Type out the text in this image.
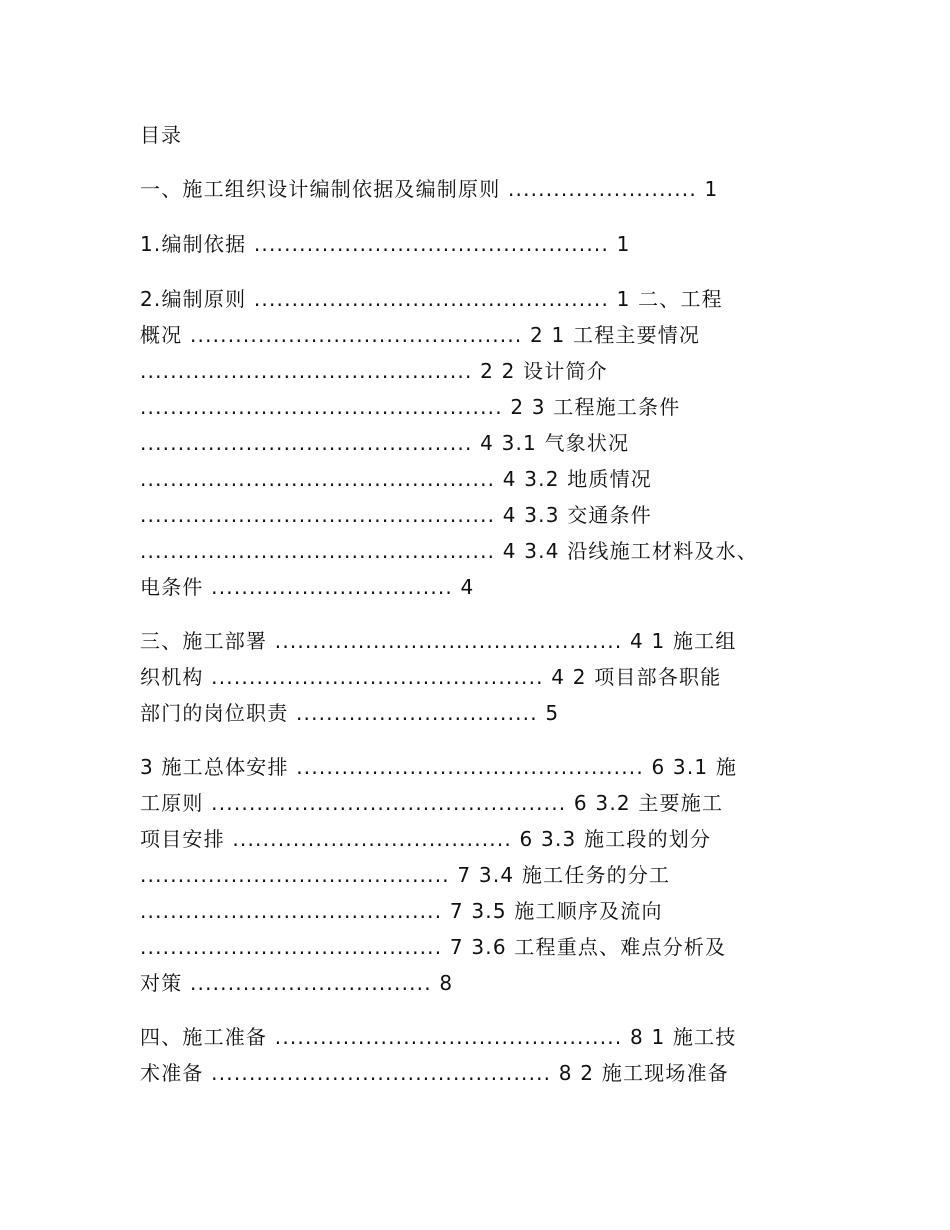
目录
一、施工组织设计编制依据及编制原则 ......................... 1
1.编制依据 ............................................... 1
2.编制原则 ............................................... 1 二、工程
概况 ............................................ 2 1 工程主要情况
............................................ 2 2 设计简介
................................................ 2 3 工程施工条件
............................................ 4 3.1 气象状况
............................................... 4 3.2 地质情况
............................................... 4 3.3 交通条件
............................................... 4 3.4 沿线施工材料及水、
电条件 ................................ 4
三、施工部署 .............................................. 4 1 施工组
织机构 ............................................ 4 2 项目部各职能
部门的岗位职责 ................................ 5
3 施工总体安排 .............................................. 6 3.1 施
工原则 ............................................... 6 3.2 主要施工
项目安排 ..................................... 6 3.3 施工段的划分
......................................... 7 3.4 施工任务的分工
........................................ 7 3.5 施工顺序及流向
........................................ 7 3.6 工程重点、难点分析及
对策 ................................ 8
四、施工准备 .............................................. 8 1 施工技
术准备 ............................................. 8 2 施工现场准备
